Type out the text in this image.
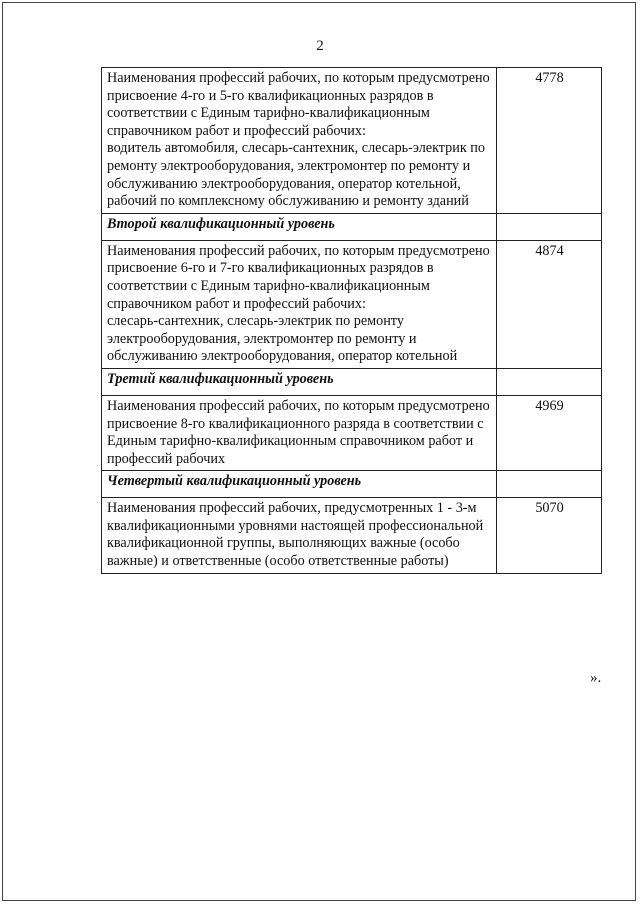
2
Наименования профессий рабочих, по которым предусмотрено присвоение 4-го и 5-го квалификационных разрядов в соответствии с Единым тарифно-квалификационным справочником работ и профессий рабочих:
водитель автомобиля, слесарь-сантехник, слесарь-электрик по ремонту электрооборудования, электромонтер по ремонту и обслуживанию электрооборудования, оператор котельной, рабочий по комплексному обслуживанию и ремонту зданий	4778
Второй квалификационный уровень	
Наименования профессий рабочих, по которым предусмотрено присвоение 6-го и 7-го квалификационных разрядов в соответствии с Единым тарифно-квалификационным справочником работ и профессий рабочих:
слесарь-сантехник, слесарь-электрик по ремонту электрооборудования, электромонтер по ремонту и обслуживанию электрооборудования, оператор котельной	4874
Третий квалификационный уровень	
Наименования профессий рабочих, по которым предусмотрено присвоение 8-го квалификационного разряда в соответствии с Единым тарифно-квалификационным справочником работ и профессий рабочих	4969
Четвертый квалификационный уровень	
Наименования профессий рабочих, предусмотренных 1 - 3-м квалификационными уровнями настоящей профессиональной квалификационной группы, выполняющих важные (особо важные) и ответственные (особо ответственные работы)	5070
».
